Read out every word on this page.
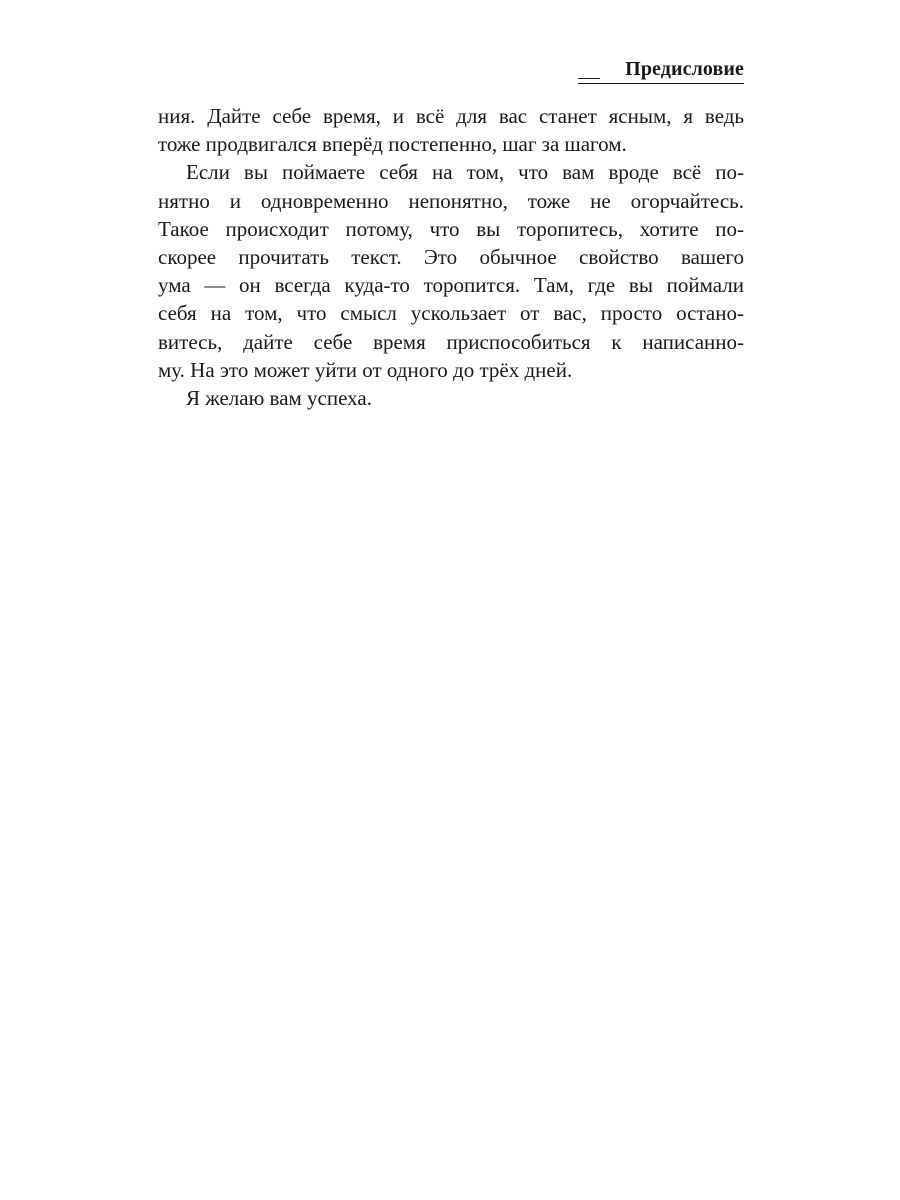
Предисловие
ния. Дайте себе время, и всё для вас станет ясным, я ведь
тоже продвигался вперёд постепенно, шаг за шагом.
Если вы поймаете себя на том, что вам вроде всё по-
нятно и одновременно непонятно, тоже не огорчайтесь.
Такое происходит потому, что вы торопитесь, хотите по-
скорее прочитать текст. Это обычное свойство вашего
ума — он всегда куда-то торопится. Там, где вы поймали
себя на том, что смысл ускользает от вас, просто остано-
витесь, дайте себе время приспособиться к написанно-
му. На это может уйти от одного до трёх дней.
Я желаю вам успеха.
